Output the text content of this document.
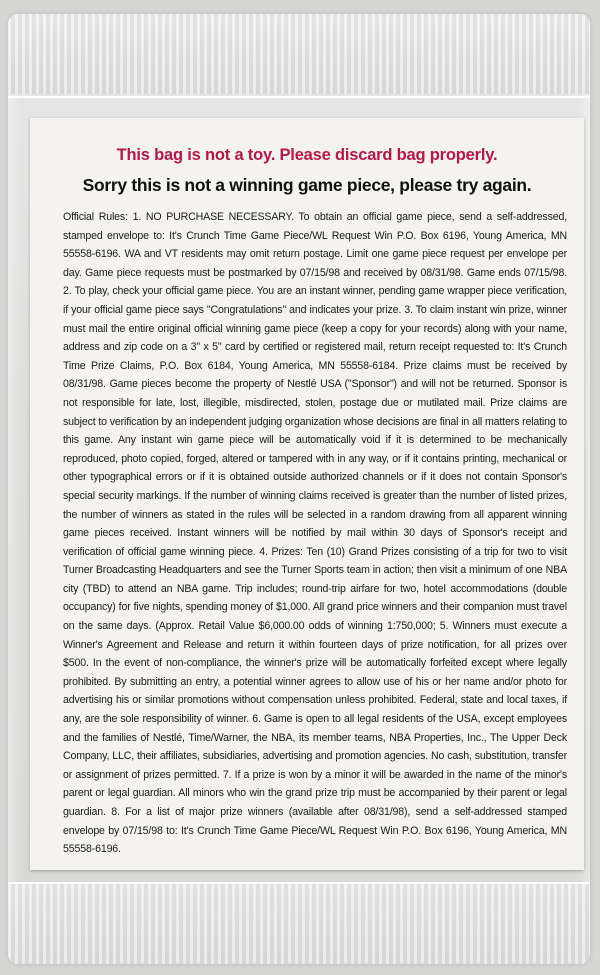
This bag is not a toy. Please discard bag properly.
Sorry this is not a winning game piece, please try again.
Official Rules: 1. NO PURCHASE NECESSARY. To obtain an official game piece, send a self-addressed, stamped envelope to: It's Crunch Time Game Piece/WL Request Win P.O. Box 6196, Young America, MN 55558-6196. WA and VT residents may omit return postage. Limit one game piece request per envelope per day. Game piece requests must be postmarked by 07/15/98 and received by 08/31/98. Game ends 07/15/98. 2. To play, check your official game piece. You are an instant winner, pending game wrapper piece verification, if your official game piece says "Congratulations" and indicates your prize. 3. To claim instant win prize, winner must mail the entire original official winning game piece (keep a copy for your records) along with your name, address and zip code on a 3" x 5" card by certified or registered mail, return receipt requested to: It's Crunch Time Prize Claims, P.O. Box 6184, Young America, MN 55558-6184. Prize claims must be received by 08/31/98. Game pieces become the property of Nestlé USA ("Sponsor") and will not be returned. Sponsor is not responsible for late, lost, illegible, misdirected, stolen, postage due or mutilated mail. Prize claims are subject to verification by an independent judging organization whose decisions are final in all matters relating to this game. Any instant win game piece will be automatically void if it is determined to be mechanically reproduced, photo copied, forged, altered or tampered with in any way, or if it contains printing, mechanical or other typographical errors or if it is obtained outside authorized channels or if it does not contain Sponsor's special security markings. If the number of winning claims received is greater than the number of listed prizes, the number of winners as stated in the rules will be selected in a random drawing from all apparent winning game pieces received. Instant winners will be notified by mail within 30 days of Sponsor's receipt and verification of official game winning piece. 4. Prizes: Ten (10) Grand Prizes consisting of a trip for two to visit Turner Broadcasting Headquarters and see the Turner Sports team in action; then visit a minimum of one NBA city (TBD) to attend an NBA game. Trip includes; round-trip airfare for two, hotel accommodations (double occupancy) for five nights, spending money of $1,000. All grand price winners and their companion must travel on the same days. (Approx. Retail Value $6,000.00 odds of winning 1:750,000; 5. Winners must execute a Winner's Agreement and Release and return it within fourteen days of prize notification, for all prizes over $500. In the event of non-compliance, the winner's prize will be automatically forfeited except where legally prohibited. By submitting an entry, a potential winner agrees to allow use of his or her name and/or photo for advertising his or similar promotions without compensation unless prohibited. Federal, state and local taxes, if any, are the sole responsibility of winner. 6. Game is open to all legal residents of the USA, except employees and the families of Nestlé, Time/Warner, the NBA, its member teams, NBA Properties, Inc., The Upper Deck Company, LLC, their affiliates, subsidiaries, advertising and promotion agencies. No cash, substitution, transfer or assignment of prizes permitted. 7. If a prize is won by a minor it will be awarded in the name of the minor's parent or legal guardian. All minors who win the grand prize trip must be accompanied by their parent or legal guardian. 8. For a list of major prize winners (available after 08/31/98), send a self-addressed stamped envelope by 07/15/98 to: It's Crunch Time Game Piece/WL Request Win P.O. Box 6196, Young America, MN 55558-6196.
